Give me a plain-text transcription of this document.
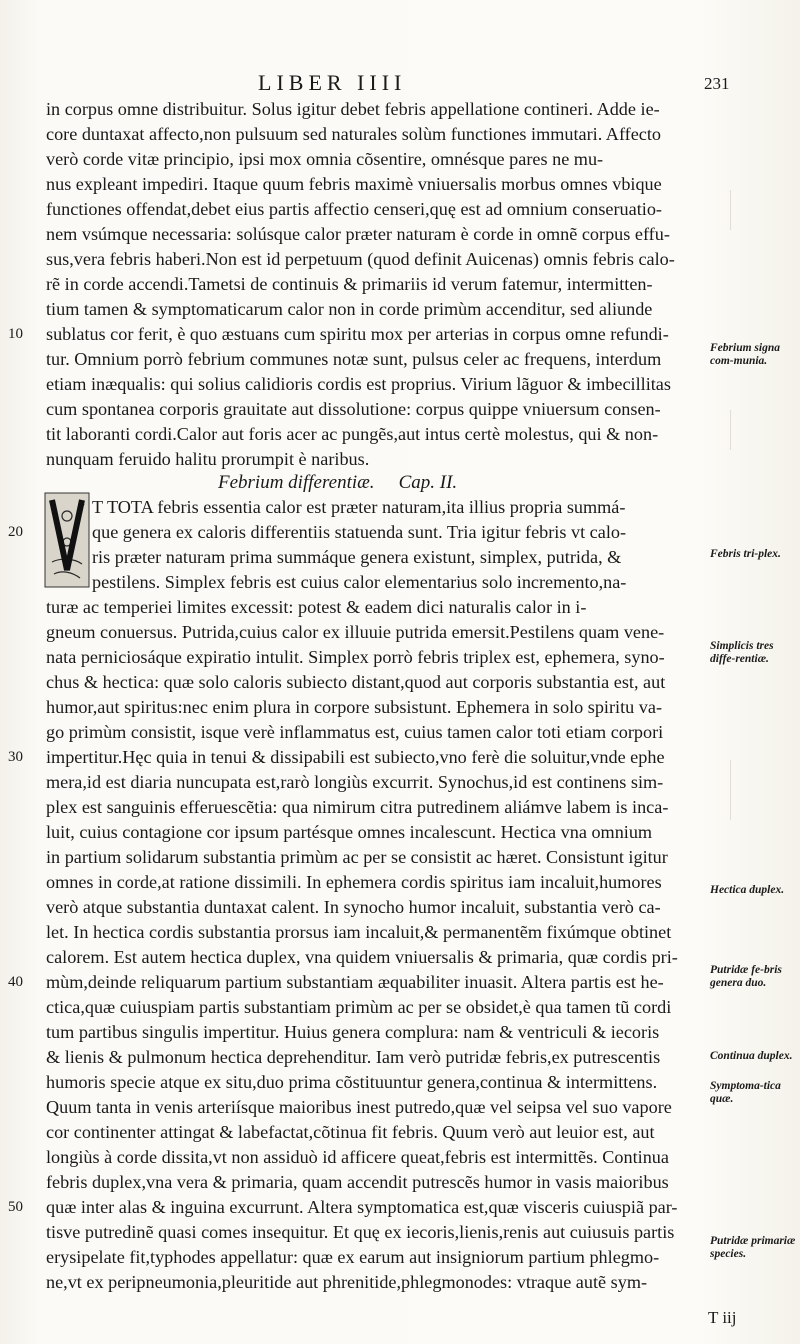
LIBER IIII	231
in corpus omne distribuitur. Solus igitur debet febris appellatione contineri. Adde ie-
core duntaxat affecto,non pulsuum sed naturales solùm functiones immutari. Affecto
verò corde vitæ principio, ipsi mox omnia cõsentire, omnésque pares ne mu-
nus expleant impediri. Itaque quum febris maximè vniuersalis morbus omnes vbique
functiones offendat,debet eius partis affectio censeri,quę est ad omnium conseruatio-
nem vsúmque necessaria: solúsque calor præter naturam è corde in omnẽ corpus effu-
sus,vera febris haberi.Non est id perpetuum (quod definit Auicenas) omnis febris calo-
rẽ in corde accendi.Tametsi de continuis & primariis id verum fatemur, intermitten-
tium tamen & symptomaticarum calor non in corde primùm accenditur, sed aliunde
sublatus cor ferit, è quo æstuans cum spiritu mox per arterias in corpus omne refundi-
tur. Omnium porrò febrium communes notæ sunt, pulsus celer ac frequens, interdum
etiam inæqualis: qui solius calidioris cordis est proprius. Virium lãguor & imbecillitas
cum spontanea corporis grauitate aut dissolutione: corpus quippe vniuersum consen-
tit laboranti cordi.Calor aut foris acer ac pungẽs,aut intus certè molestus, qui & non-
nunquam feruido halitu prorumpit è naribus.
Febrium differentiæ. Cap. II.
T TOTA febris essentia calor est præter naturam,ita illius propria summá-
que genera ex caloris differentiis statuenda sunt. Tria igitur febris vt calo-
ris præter naturam prima summáque genera existunt, simplex, putrida, &
pestilens. Simplex febris est cuius calor elementarius solo incremento,na-
turæ ac temperiei limites excessit: potest & eadem dici naturalis calor in i-
gneum conuersus. Putrida,cuius calor ex illuuie putrida emersit.Pestilens quam vene-
nata perniciosáque expiratio intulit. Simplex porrò febris triplex est, ephemera, syno-
chus & hectica: quæ solo caloris subiecto distant,quod aut corporis substantia est, aut
humor,aut spiritus:nec enim plura in corpore subsistunt. Ephemera in solo spiritu va-
go primùm consistit, isque verè inflammatus est, cuius tamen calor toti etiam corpori
impertitur.Hęc quia in tenui & dissipabili est subiecto,vno ferè die soluitur,vnde ephe
mera,id est diaria nuncupata est,rarò longiùs excurrit. Synochus,id est continens sim-
plex est sanguinis efferuescẽtia: qua nimirum citra putredinem aliámve labem is inca-
luit, cuius contagione cor ipsum partésque omnes incalescunt. Hectica vna omnium
in partium solidarum substantia primùm ac per se consistit ac hæret. Consistunt igitur
omnes in corde,at ratione dissimili. In ephemera cordis spiritus iam incaluit,humores
verò atque substantia duntaxat calent. In synocho humor incaluit, substantia verò ca-
let. In hectica cordis substantia prorsus iam incaluit,& permanentẽm fixúmque obtinet
calorem. Est autem hectica duplex, vna quidem vniuersalis & primaria, quæ cordis pri-
mùm,deinde reliquarum partium substantiam æquabiliter inuasit. Altera partis est he-
ctica,quæ cuiuspiam partis substantiam primùm ac per se obsidet,è qua tamen tũ cordi
tum partibus singulis impertitur. Huius genera complura: nam & ventriculi & iecoris
& lienis & pulmonum hectica deprehenditur. Iam verò putridæ febris,ex putrescentis
humoris specie atque ex situ,duo prima cõstituuntur genera,continua & intermittens.
Quum tanta in venis arteriísque maioribus inest putredo,quæ vel seipsa vel suo vapore
cor continenter attingat & labefactat,cõtinua fit febris. Quum verò aut leuior est, aut
longiùs à corde dissita,vt non assiduò id afficere queat,febris est intermittẽs. Continua
febris duplex,vna vera & primaria, quam accendit putrescẽs humor in vasis maioribus
quæ inter alas & inguina excurrunt. Altera symptomatica est,quæ visceris cuiuspiã par-
tisve putredinẽ quasi comes insequitur. Et quę ex iecoris,lienis,renis aut cuiusuis partis
erysipelate fit,typhodes appellatur: quæ ex earum aut insigniorum partium phlegmo-
ne,vt ex peripneumonia,pleuritide aut phrenitide,phlegmonodes: vtraque autẽ sym-
10
20
30
40
50
Febrium signa com-munia.
Febris tri-plex.
Simplicis tres diffe-rentiæ.
Hectica duplex.
Putridæ fe-bris genera duo.
Continua duplex.
Symptoma-tica quæ.
Putridæ primariæ species.
T iij
